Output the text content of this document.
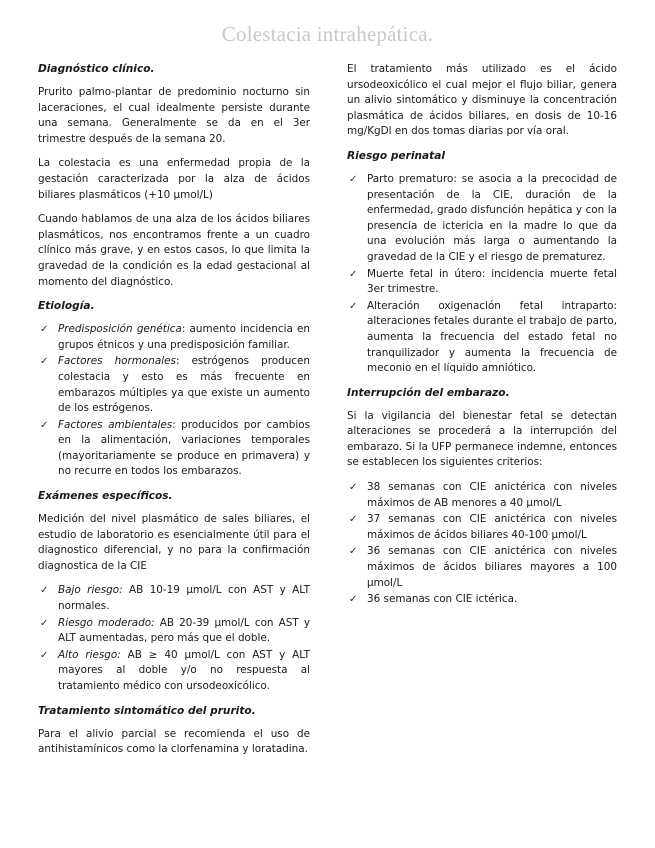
Colestacia intrahepática.
Diagnóstico clínico.

Prurito palmo-plantar de predominio nocturno sin laceraciones, el cual idealmente persiste durante una semana. Generalmente se da en el 3er trimestre después de la semana 20.

La colestacia es una enfermedad propia de la gestación caracterizada por la alza de ácidos biliares plasmáticos (+10 µmol/L)

Cuando hablamos de una alza de los ácidos biliares plasmáticos, nos encontramos frente a un cuadro clínico más grave, y en estos casos, lo que limita la gravedad de la condición es la edad gestacional al momento del diagnóstico.

Etiología.
✓ Predisposición genética: aumento incidencia en grupos étnicos y una predisposición familiar.
✓ Factores hormonales: estrógenos producen colestacia y esto es más frecuente en embarazos múltiples ya que existe un aumento de los estrógenos.
✓ Factores ambientales: producidos por cambios en la alimentación, variaciones temporales (mayoritariamente se produce en primavera) y no recurre en todos los embarazos.
Exámenes específicos.

Medición del nivel plasmático de sales biliares, el estudio de laboratorio es esencialmente útil para el diagnostico diferencial, y no para la confirmación diagnostica de la CIE

✓ Bajo riesgo: AB 10-19 µmol/L con AST y ALT normales.
✓ Riesgo moderado: AB 20-39 µmol/L con AST y ALT aumentadas, pero más que el doble.
✓ Alto riesgo: AB ≥ 40 µmol/L con AST y ALT mayores al doble y/o no respuesta al tratamiento médico con ursodeoxicólico.
Tratamiento sintomático del prurito.

Para el alivio parcial se recomienda el uso de antihistamínicos como la clorfenamina y loratadina.

El tratamiento más utilizado es el ácido ursodeoxicólico el cual mejor el flujo biliar, genera un alivio sintomático y disminuye la concentración plasmática de ácidos biliares, en dosis de 10-16 mg/KgDl en dos tomas diarias por vía oral.

Riesgo perinatal
✓ Parto prematuro: se asocia a la precocidad de presentación de la CIE, duración de la enfermedad, grado disfunción hepática y con la presencia de ictericia en la madre lo que da una evolución más larga o aumentando la gravedad de la CIE y el riesgo de prematurez.
✓ Muerte fetal in útero: incidencia muerte fetal 3er trimestre.
✓ Alteración oxigenación fetal intraparto: alteraciones fetales durante el trabajo de parto, aumenta la frecuencia del estado fetal no tranquilizador y aumenta la frecuencia de meconio en el líquido amniótico.
Interrupción del embarazo.

Si la vigilancia del bienestar fetal se detectan alteraciones se procederá a la interrupción del embarazo. Si la UFP permanece indemne, entonces se establecen los siguientes criterios:

✓ 38 semanas con CIE anictérica con niveles máximos de AB menores a 40 µmol/L
✓ 37 semanas con CIE anictérica con niveles máximos de ácidos biliares 40-100 µmol/L
✓ 36 semanas con CIE anictérica con niveles máximos de ácidos biliares mayores a 100 µmol/L
✓ 36 semanas con CIE ictérica.
